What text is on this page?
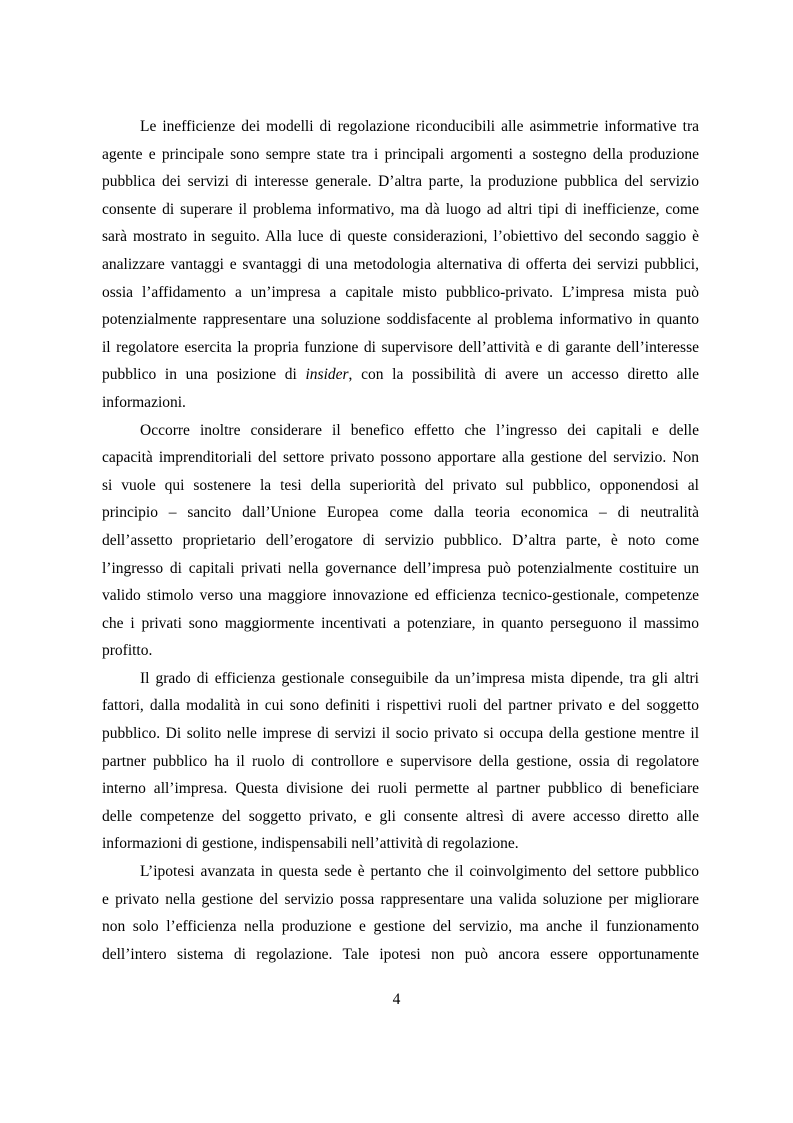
Le inefficienze dei modelli di regolazione riconducibili alle asimmetrie informative tra
agente e principale sono sempre state tra i principali argomenti a sostegno della produzione
pubblica dei servizi di interesse generale. D’altra parte, la produzione pubblica del servizio
consente di superare il problema informativo, ma dà luogo ad altri tipi di inefficienze, come
sarà mostrato in seguito. Alla luce di queste considerazioni, l’obiettivo del secondo saggio è
analizzare vantaggi e svantaggi di una metodologia alternativa di offerta dei servizi pubblici,
ossia l’affidamento a un’impresa a capitale misto pubblico-privato. L’impresa mista può
potenzialmente rappresentare una soluzione soddisfacente al problema informativo in quanto
il regolatore esercita la propria funzione di supervisore dell’attività e di garante dell’interesse
pubblico in una posizione di insider, con la possibilità di avere un accesso diretto alle
informazioni.
Occorre inoltre considerare il benefico effetto che l’ingresso dei capitali e delle
capacità imprenditoriali del settore privato possono apportare alla gestione del servizio. Non
si vuole qui sostenere la tesi della superiorità del privato sul pubblico, opponendosi al
principio – sancito dall’Unione Europea come dalla teoria economica – di neutralità
dell’assetto proprietario dell’erogatore di servizio pubblico. D’altra parte, è noto come
l’ingresso di capitali privati nella governance dell’impresa può potenzialmente costituire un
valido stimolo verso una maggiore innovazione ed efficienza tecnico-gestionale, competenze
che i privati sono maggiormente incentivati a potenziare, in quanto perseguono il massimo
profitto.
Il grado di efficienza gestionale conseguibile da un’impresa mista dipende, tra gli altri
fattori, dalla modalità in cui sono definiti i rispettivi ruoli del partner privato e del soggetto
pubblico. Di solito nelle imprese di servizi il socio privato si occupa della gestione mentre il
partner pubblico ha il ruolo di controllore e supervisore della gestione, ossia di regolatore
interno all’impresa. Questa divisione dei ruoli permette al partner pubblico di beneficiare
delle competenze del soggetto privato, e gli consente altresì di avere accesso diretto alle
informazioni di gestione, indispensabili nell’attività di regolazione.
L’ipotesi avanzata in questa sede è pertanto che il coinvolgimento del settore pubblico
e privato nella gestione del servizio possa rappresentare una valida soluzione per migliorare
non solo l’efficienza nella produzione e gestione del servizio, ma anche il funzionamento
dell’intero sistema di regolazione. Tale ipotesi non può ancora essere opportunamente
4
